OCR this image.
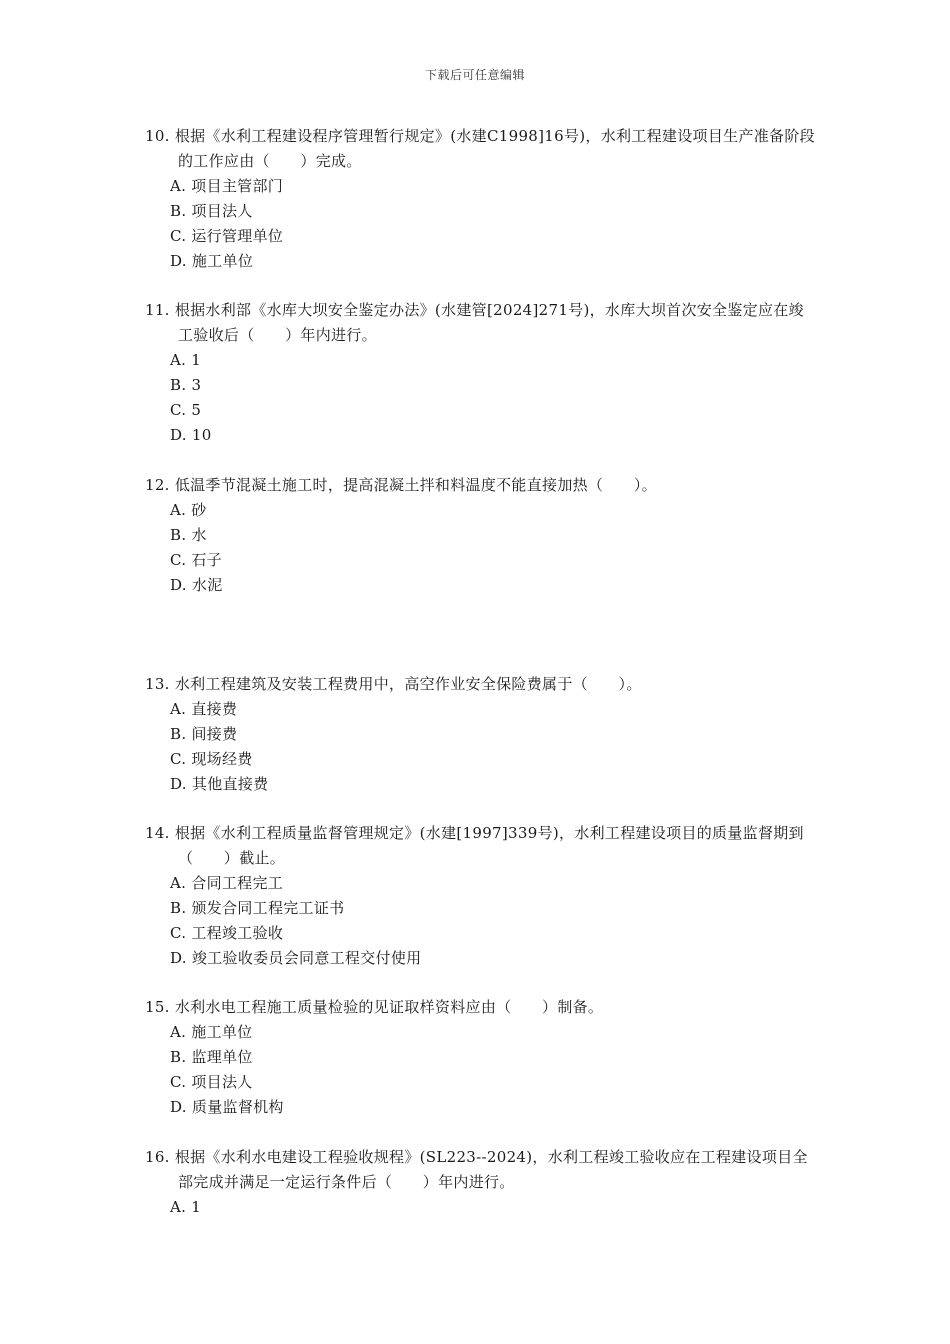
下载后可任意编辑
10. 根据《水利工程建设程序管理暂行规定》(水建C1998]16号)，水利工程建设项目生产准备阶段的工作应由（　　）完成。
A. 项目主管部门
B. 项目法人
C. 运行管理单位
D. 施工单位
11. 根据水利部《水库大坝安全鉴定办法》(水建管[2024]271号)，水库大坝首次安全鉴定应在竣工验收后（　　）年内进行。
A. 1
B. 3
C. 5
D. 10
12. 低温季节混凝土施工时，提高混凝土拌和料温度不能直接加热（　　）。
A. 砂
B. 水
C. 石子
D. 水泥
13. 水利工程建筑及安装工程费用中，高空作业安全保险费属于（　　）。
A. 直接费
B. 间接费
C. 现场经费
D. 其他直接费
14. 根据《水利工程质量监督管理规定》(水建[1997]339号)，水利工程建设项目的质量监督期到（　　）截止。
A. 合同工程完工
B. 颁发合同工程完工证书
C. 工程竣工验收
D. 竣工验收委员会同意工程交付使用
15. 水利水电工程施工质量检验的见证取样资料应由（　　）制备。
A. 施工单位
B. 监理单位
C. 项目法人
D. 质量监督机构
16. 根据《水利水电建设工程验收规程》(SL223--2024)，水利工程竣工验收应在工程建设项目全部完成并满足一定运行条件后（　　）年内进行。
A. 1
